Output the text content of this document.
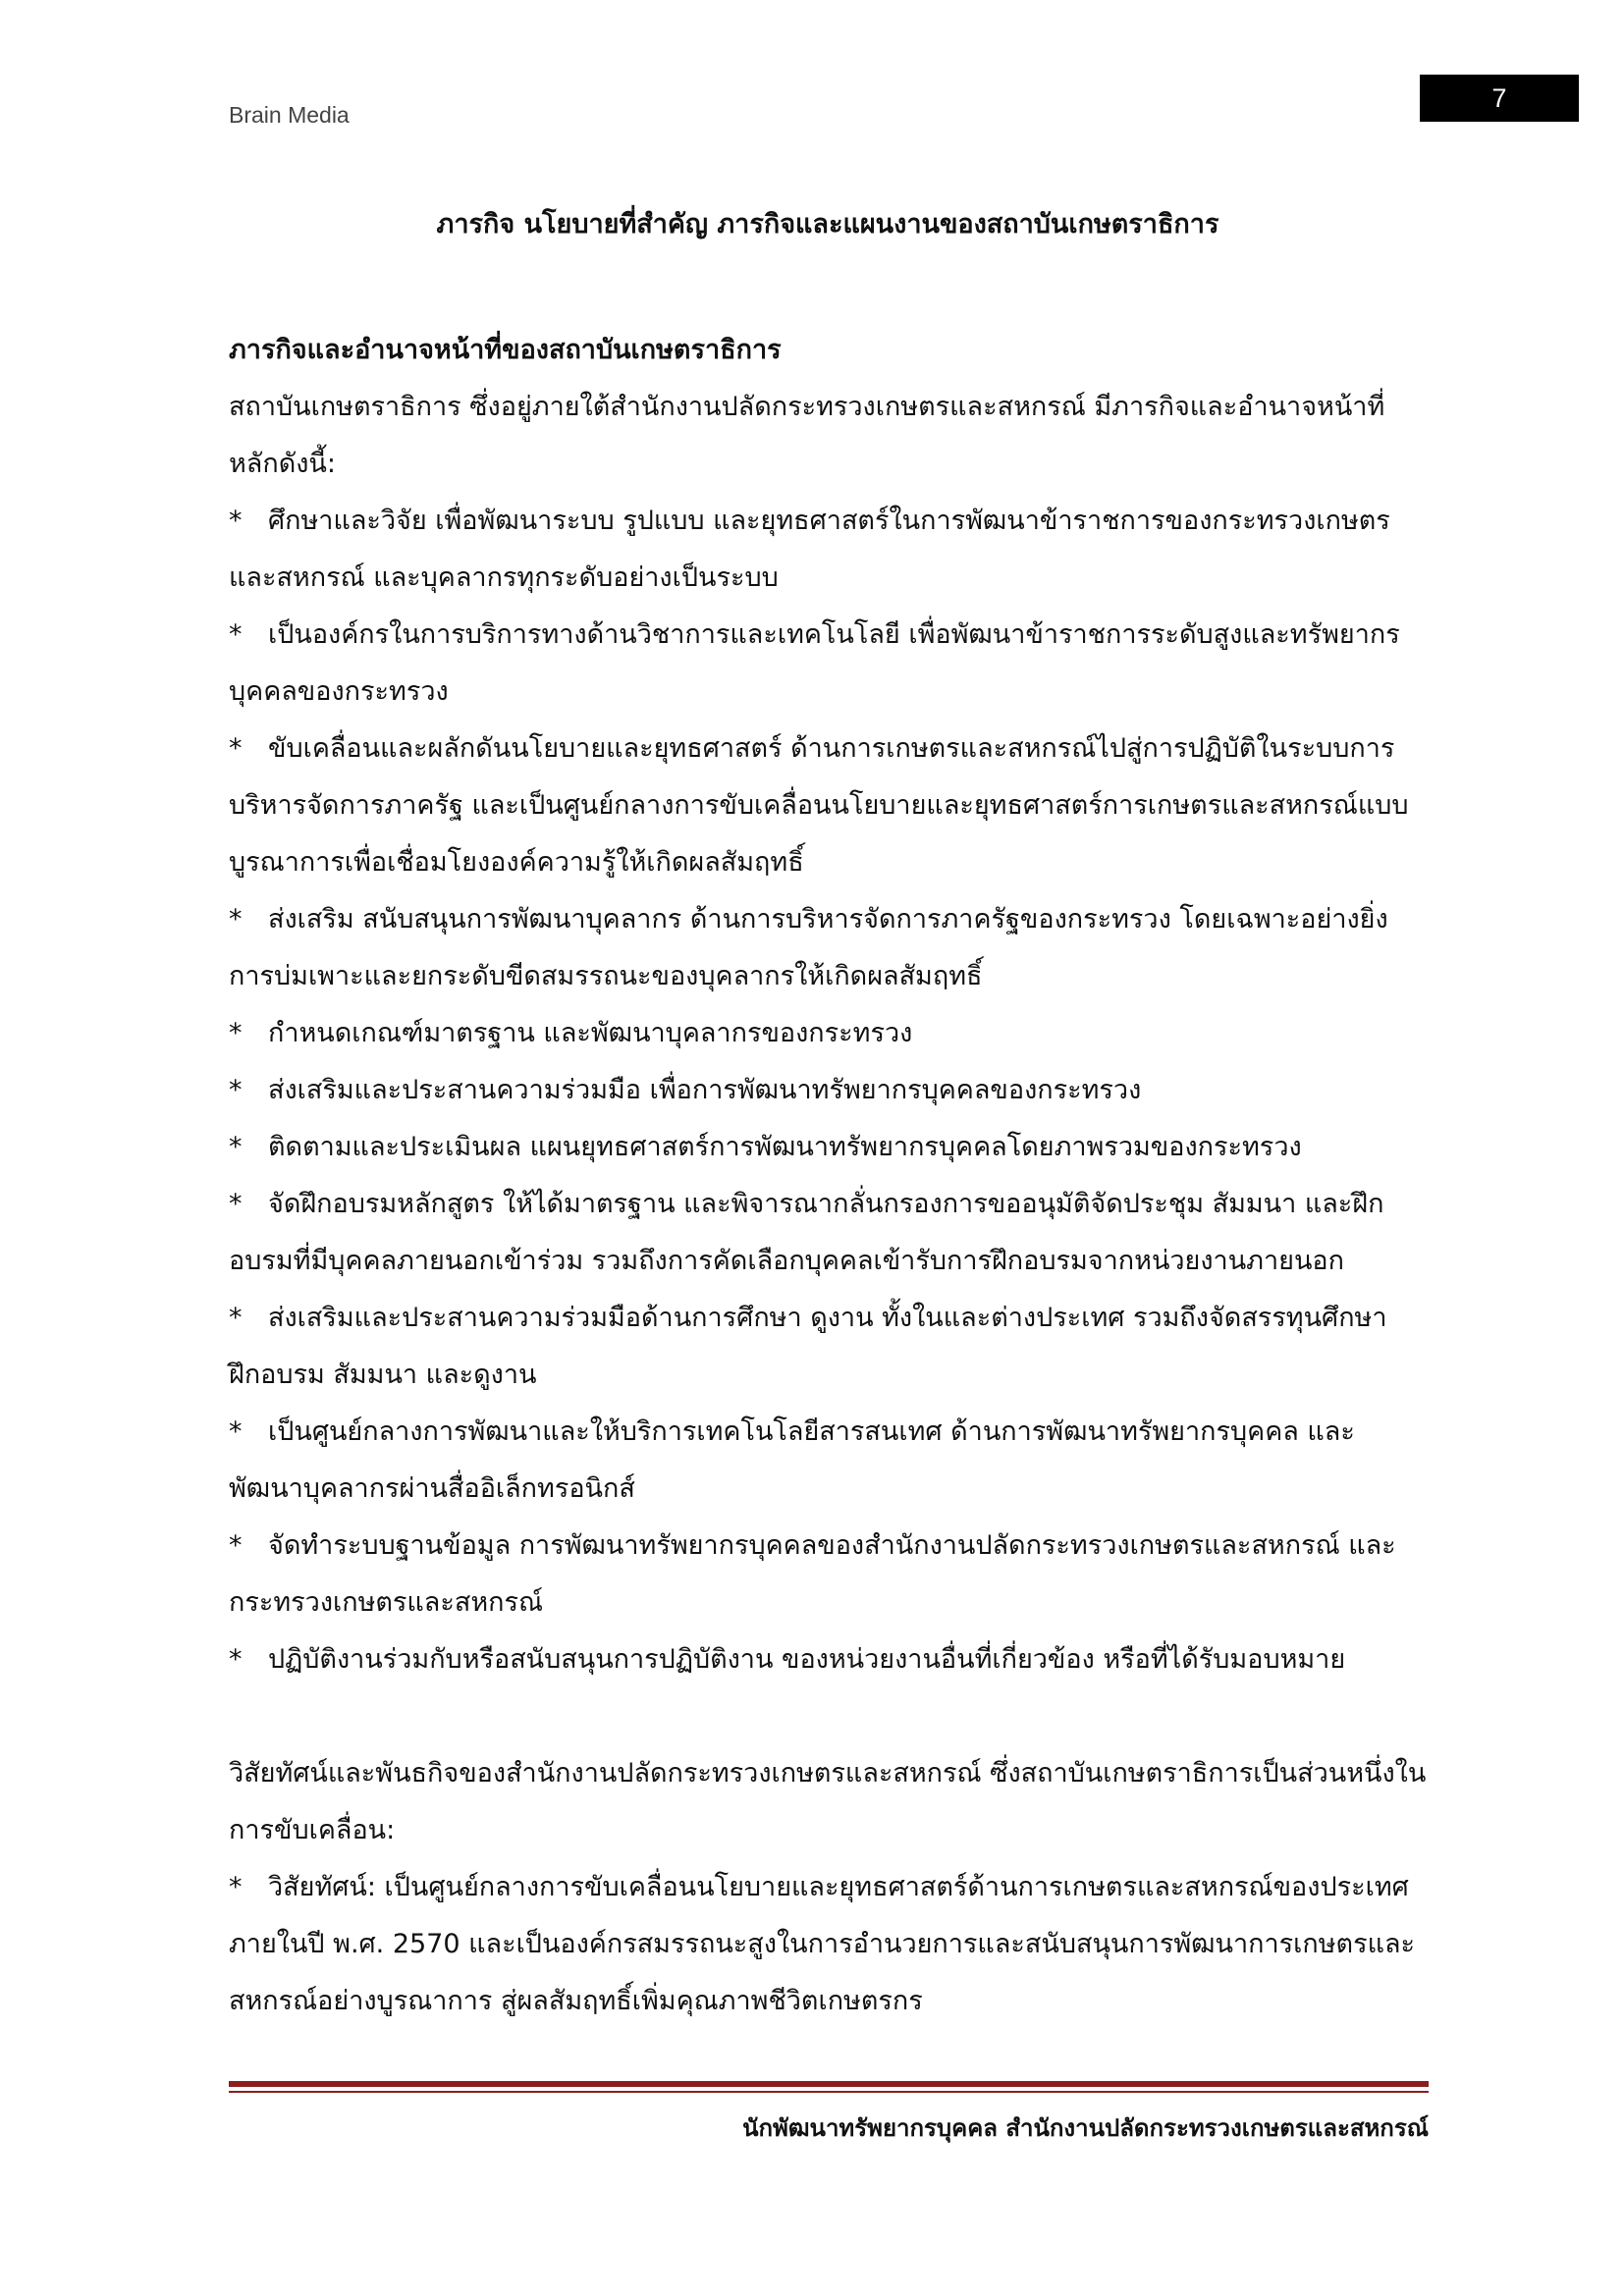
Brain Media
7

ภารกิจ นโยบายที่สำคัญ ภารกิจและแผนงานของสถาบันเกษตราธิการ

ภารกิจและอำนาจหน้าที่ของสถาบันเกษตราธิการ

สถาบันเกษตราธิการ ซึ่งอยู่ภายใต้สำนักงานปลัดกระทรวงเกษตรและสหกรณ์ มีภารกิจและอำนาจหน้าที่หลักดังนี้:

* ศึกษาและวิจัย เพื่อพัฒนาระบบ รูปแบบ และยุทธศาสตร์ในการพัฒนาข้าราชการของกระทรวงเกษตรและสหกรณ์ และบุคลากรทุกระดับอย่างเป็นระบบ
* เป็นองค์กรในการบริการทางด้านวิชาการและเทคโนโลยี เพื่อพัฒนาข้าราชการระดับสูงและทรัพยากรบุคคลของกระทรวง
* ขับเคลื่อนและผลักดันนโยบายและยุทธศาสตร์ ด้านการเกษตรและสหกรณ์ไปสู่การปฏิบัติในระบบการบริหารจัดการภาครัฐ และเป็นศูนย์กลางการขับเคลื่อนนโยบายและยุทธศาสตร์การเกษตรและสหกรณ์แบบบูรณาการเพื่อเชื่อมโยงองค์ความรู้ให้เกิดผลสัมฤทธิ์
* ส่งเสริม สนับสนุนการพัฒนาบุคลากร ด้านการบริหารจัดการภาครัฐของกระทรวง โดยเฉพาะอย่างยิ่งการบ่มเพาะและยกระดับขีดสมรรถนะของบุคลากรให้เกิดผลสัมฤทธิ์
* กำหนดเกณฑ์มาตรฐาน และพัฒนาบุคลากรของกระทรวง
* ส่งเสริมและประสานความร่วมมือ เพื่อการพัฒนาทรัพยากรบุคคลของกระทรวง
* ติดตามและประเมินผล แผนยุทธศาสตร์การพัฒนาทรัพยากรบุคคลโดยภาพรวมของกระทรวง
* จัดฝึกอบรมหลักสูตร ให้ได้มาตรฐาน และพิจารณากลั่นกรองการขออนุมัติจัดประชุม สัมมนา และฝึกอบรมที่มีบุคคลภายนอกเข้าร่วม รวมถึงการคัดเลือกบุคคลเข้ารับการฝึกอบรมจากหน่วยงานภายนอก
* ส่งเสริมและประสานความร่วมมือด้านการศึกษา ดูงาน ทั้งในและต่างประเทศ รวมถึงจัดสรรทุนศึกษา ฝึกอบรม สัมมนา และดูงาน
* เป็นศูนย์กลางการพัฒนาและให้บริการเทคโนโลยีสารสนเทศ ด้านการพัฒนาทรัพยากรบุคคล และพัฒนาบุคลากรผ่านสื่ออิเล็กทรอนิกส์
* จัดทำระบบฐานข้อมูล การพัฒนาทรัพยากรบุคคลของสำนักงานปลัดกระทรวงเกษตรและสหกรณ์ และกระทรวงเกษตรและสหกรณ์
* ปฏิบัติงานร่วมกับหรือสนับสนุนการปฏิบัติงาน ของหน่วยงานอื่นที่เกี่ยวข้อง หรือที่ได้รับมอบหมาย

วิสัยทัศน์และพันธกิจของสำนักงานปลัดกระทรวงเกษตรและสหกรณ์ ซึ่งสถาบันเกษตราธิการเป็นส่วนหนึ่งในการขับเคลื่อน:

* วิสัยทัศน์: เป็นศูนย์กลางการขับเคลื่อนนโยบายและยุทธศาสตร์ด้านการเกษตรและสหกรณ์ของประเทศภายในปี พ.ศ. 2570 และเป็นองค์กรสมรรถนะสูงในการอำนวยการและสนับสนุนการพัฒนาการเกษตรและสหกรณ์อย่างบูรณาการ สู่ผลสัมฤทธิ์เพิ่มคุณภาพชีวิตเกษตรกร
นักพัฒนาทรัพยากรบุคคล สำนักงานปลัดกระทรวงเกษตรและสหกรณ์
